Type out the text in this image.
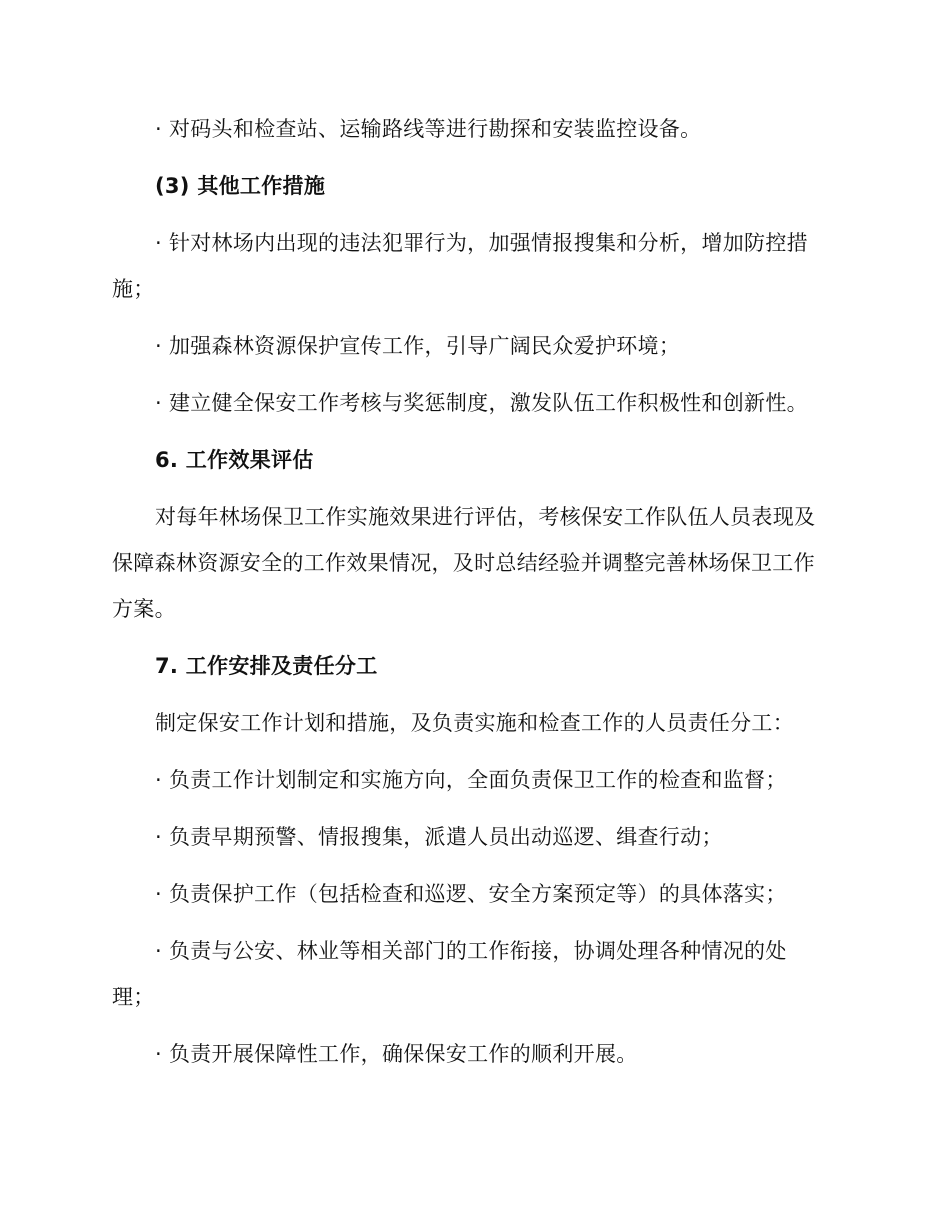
· 对码头和检查站、运输路线等进行勘探和安装监控设备。
(3) 其他工作措施
· 针对林场内出现的违法犯罪行为，加强情报搜集和分析，增加防控措
施；
· 加强森林资源保护宣传工作，引导广阔民众爱护环境；
· 建立健全保安工作考核与奖惩制度，激发队伍工作积极性和创新性。
6. 工作效果评估
对每年林场保卫工作实施效果进行评估，考核保安工作队伍人员表现及
保障森林资源安全的工作效果情况，及时总结经验并调整完善林场保卫工作
方案。
7. 工作安排及责任分工
制定保安工作计划和措施，及负责实施和检查工作的人员责任分工：
· 负责工作计划制定和实施方向，全面负责保卫工作的检查和监督；
· 负责早期预警、情报搜集，派遣人员出动巡逻、缉查行动；
· 负责保护工作（包括检查和巡逻、安全方案预定等）的具体落实；
· 负责与公安、林业等相关部门的工作衔接，协调处理各种情况的处
理；
· 负责开展保障性工作，确保保安工作的顺利开展。
